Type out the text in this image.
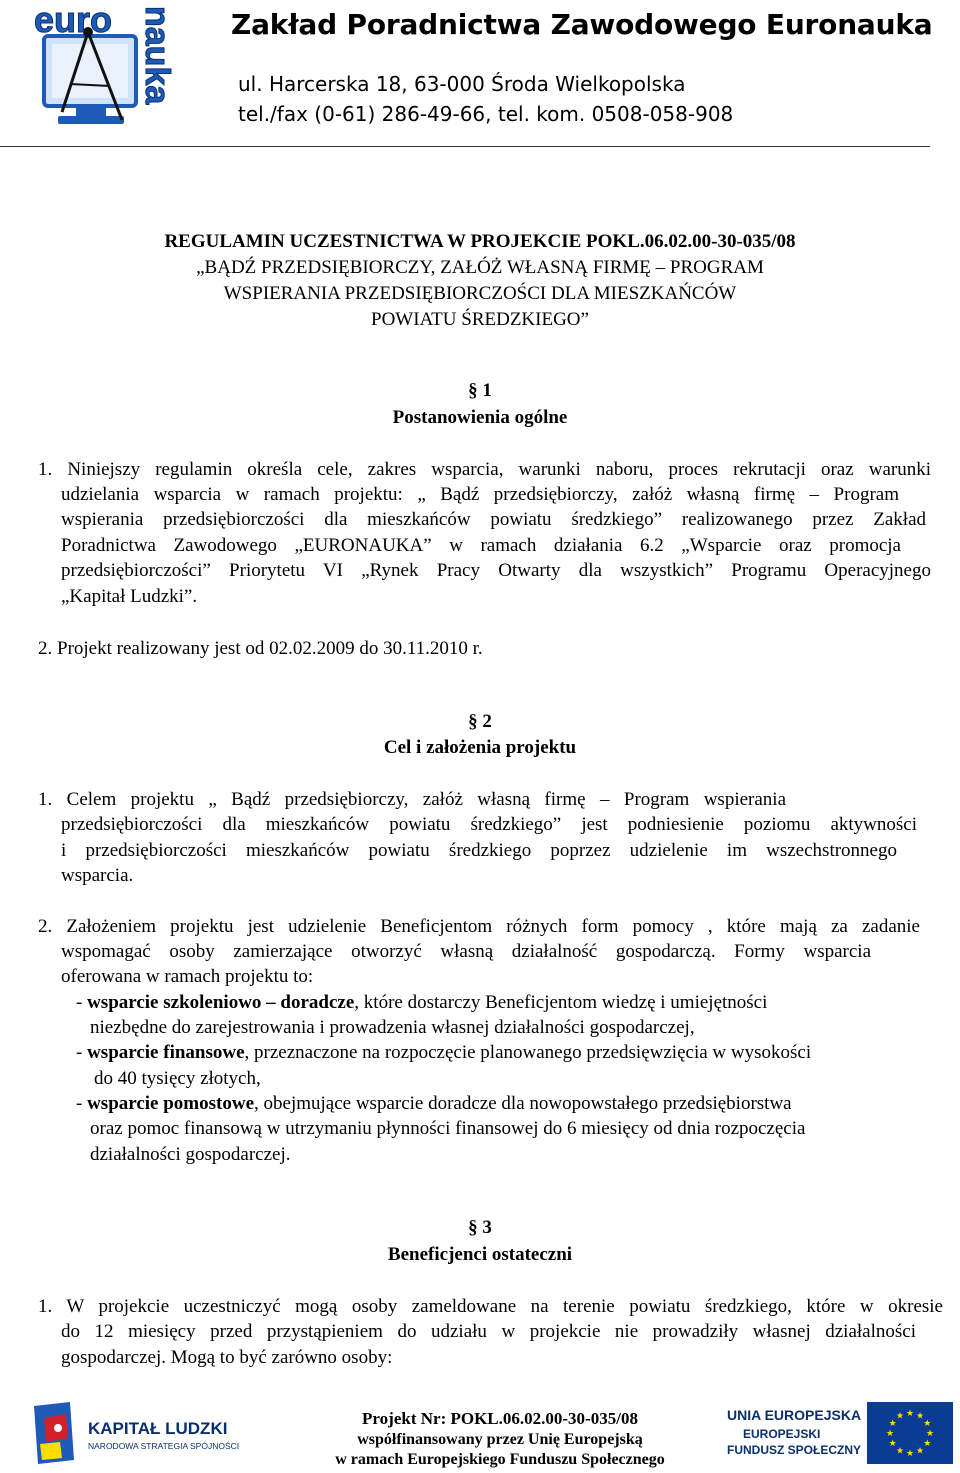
euro nauka Zakład Poradnictwa Zawodowego Euronauka
ul. Harcerska 18, 63-000 Środa Wielkopolska
tel./fax (0-61) 286-49-66, tel. kom. 0508-058-908
REGULAMIN UCZESTNICTWA W PROJEKCIE POKL.06.02.00-30-035/08
„BĄDŹ PRZEDSIĘBIORCZY, ZAŁÓŻ WŁASNĄ FIRMĘ – PROGRAM
WSPIERANIA PRZEDSIĘBIORCZOŚCI DLA MIESZKAŃCÓW
POWIATU ŚREDZKIEGO”
§ 1
Postanowienia ogólne
1. Niniejszy regulamin określa cele, zakres wsparcia, warunki naboru, proces rekrutacji oraz warunki
udzielania wsparcia w ramach projektu: „ Bądź przedsiębiorczy, załóż własną firmę – Program
wspierania przedsiębiorczości dla mieszkańców powiatu średzkiego” realizowanego przez Zakład
Poradnictwa Zawodowego „EURONAUKA” w ramach działania 6.2 „Wsparcie oraz promocja
przedsiębiorczości” Priorytetu VI „Rynek Pracy Otwarty dla wszystkich” Programu Operacyjnego
„Kapitał Ludzki”.
2. Projekt realizowany jest od 02.02.2009 do 30.11.2010 r.
§ 2
Cel i założenia projektu
1. Celem projektu „ Bądź przedsiębiorczy, załóż własną firmę – Program wspierania
przedsiębiorczości dla mieszkańców powiatu średzkiego” jest podniesienie poziomu aktywności
i przedsiębiorczości mieszkańców powiatu średzkiego poprzez udzielenie im wszechstronnego
wsparcia.
2. Założeniem projektu jest udzielenie Beneficjentom różnych form pomocy , które mają za zadanie
wspomagać osoby zamierzające otworzyć własną działalność gospodarczą. Formy wsparcia
oferowana w ramach projektu to:
- wsparcie szkoleniowo – doradcze, które dostarczy Beneficjentom wiedzę i umiejętności
niezbędne do zarejestrowania i prowadzenia własnej działalności gospodarczej,
- wsparcie finansowe, przeznaczone na rozpoczęcie planowanego przedsięwzięcia w wysokości
do 40 tysięcy złotych,
- wsparcie pomostowe, obejmujące wsparcie doradcze dla nowopowstałego przedsiębiorstwa
oraz pomoc finansową w utrzymaniu płynności finansowej do 6 miesięcy od dnia rozpoczęcia
działalności gospodarczej.
§ 3
Beneficjenci ostateczni
1. W projekcie uczestniczyć mogą osoby zameldowane na terenie powiatu średzkiego, które w okresie
do 12 miesięcy przed przystąpieniem do udziału w projekcie nie prowadziły własnej działalności
gospodarczej. Mogą to być zarówno osoby:
KAPITAŁ LUDZKI
NARODOWA STRATEGIA SPÓJNOŚCI
Projekt Nr: POKL.06.02.00-30-035/08
współfinansowany przez Unię Europejską
w ramach Europejskiego Funduszu Społecznego
UNIA EUROPEJSKA
EUROPEJSKI
FUNDUSZ SPOŁECZNY
★ ★
★
★
★
★
★
★
★
★
★
★
